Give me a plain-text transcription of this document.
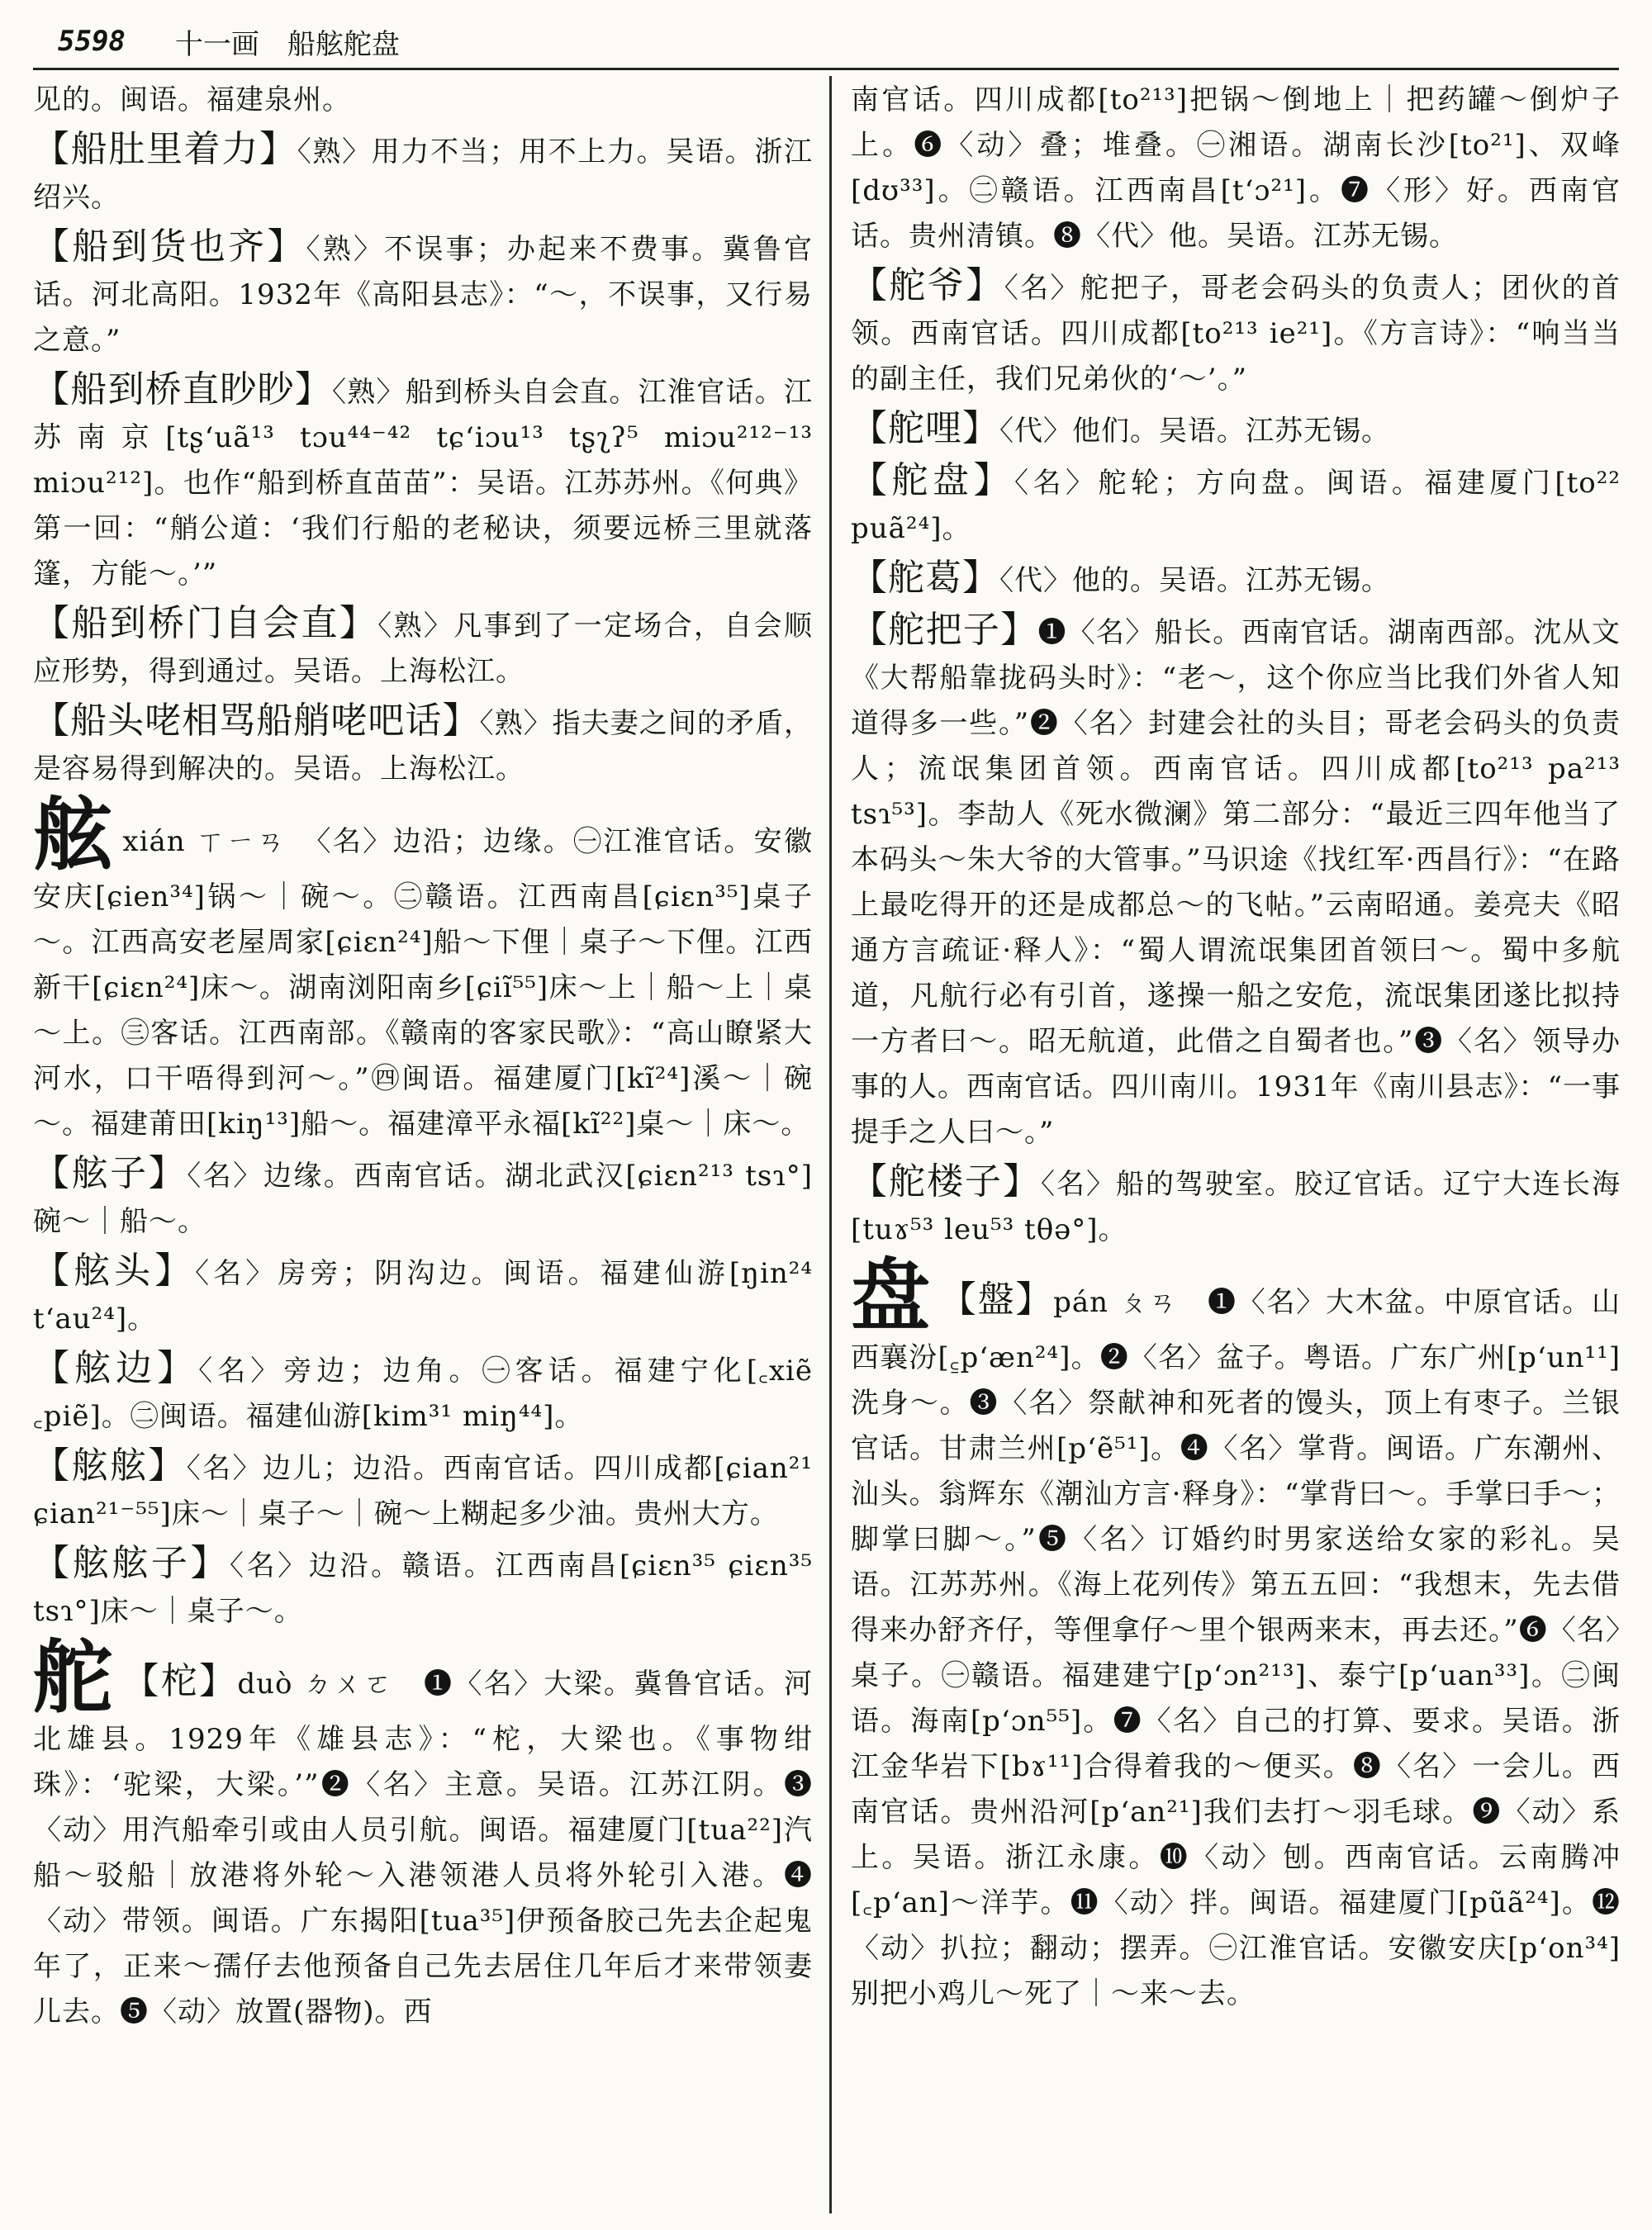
5598 十一画　船舷舵盘

见的。闽语。福建泉州。

【船肚里着力】〈熟〉用力不当；用不上力。吴语。浙江绍兴。

【船到货也齐】〈熟〉不误事；办起来不费事。冀鲁官话。河北高阳。1932年《高阳县志》：“～，不误事，又行易之意。”

【船到桥直眇眇】〈熟〉船到桥头自会直。江淮官话。江苏南京[tʂʻuã¹³ tɔu⁴⁴⁻⁴² tɕʻiɔu¹³ tʂʅʔ⁵ miɔu²¹²⁻¹³ miɔu²¹²]。也作“船到桥直苗苗”：吴语。江苏苏州。《何典》第一回：“艄公道：‘我们行船的老秘诀，须要远桥三里就落篷，方能～。’”

【船到桥门自会直】〈熟〉凡事到了一定场合，自会顺应形势，得到通过。吴语。上海松江。

【船头咾相骂船艄咾吧话】〈熟〉指夫妻之间的矛盾，是容易得到解决的。吴语。上海松江。

舷xián ㄒㄧㄢ　〈名〉边沿；边缘。㊀江淮官话。安徽安庆[ɕien³⁴]锅～｜碗～。㊁赣语。江西南昌[ɕiɛn³⁵]桌子～。江西高安老屋周家[ɕiɛn²⁴]船～下俚｜桌子～下俚。江西新干[ɕiɛn²⁴]床～。湖南浏阳南乡[ɕiĩ⁵⁵]床～上｜船～上｜桌～上。㊂客话。江西南部。《赣南的客家民歌》：“高山瞭紧大河水，口干唔得到河～。”㊃闽语。福建厦门[kĩ²⁴]溪～｜碗～。福建莆田[kiŋ¹³]船～。福建漳平永福[kĩ²²]桌～｜床～。

【舷子】〈名〉边缘。西南官话。湖北武汉[ɕiɛn²¹³ tsɿ°]碗～｜船～。

【舷头】〈名〉房旁；阴沟边。闽语。福建仙游[ŋin²⁴ tʻau²⁴]。

【舷边】〈名〉旁边；边角。㊀客话。福建宁化[꜀xiẽ ꜀piẽ]。㊁闽语。福建仙游[kim³¹ miŋ⁴⁴]。

【舷舷】〈名〉边儿；边沿。西南官话。四川成都[ɕian²¹ ɕian²¹⁻⁵⁵]床～｜桌子～｜碗～上糊起多少油。贵州大方。

【舷舷子】〈名〉边沿。赣语。江西南昌[ɕiɛn³⁵ ɕiɛn³⁵ tsɿ°]床～｜桌子～。

舵 【柁】duò ㄉㄨㄛ　❶〈名〉大梁。冀鲁官话。河北雄县。1929年《雄县志》：“柁，大梁也。《事物绀珠》：‘驼梁，大梁。’”❷〈名〉主意。吴语。江苏江阴。❸〈动〉用汽船牵引或由人员引航。闽语。福建厦门[tua²²]汽船～驳船｜放港将外轮～入港领港人员将外轮引入港。❹〈动〉带领。闽语。广东揭阳[tua³⁵]伊预备胶己先去企起鬼年了，正来～孺仔去他预备自己先去居住几年后才来带领妻儿去。❺〈动〉放置(器物)。西

南官话。四川成都[to²¹³]把锅～倒地上｜把药罐～倒炉子上。❻〈动〉叠；堆叠。㊀湘语。湖南长沙[to²¹]、双峰[dʊ³³]。㊁赣语。江西南昌[tʻɔ²¹]。❼〈形〉好。西南官话。贵州清镇。❽〈代〉他。吴语。江苏无锡。

【舵爷】〈名〉舵把子，哥老会码头的负责人；团伙的首领。西南官话。四川成都[to²¹³ ie²¹]。《方言诗》：“响当当的副主任，我们兄弟伙的‘～’。”

【舵哩】〈代〉他们。吴语。江苏无锡。

【舵盘】〈名〉舵轮；方向盘。闽语。福建厦门[to²² puã²⁴]。

【舵葛】〈代〉他的。吴语。江苏无锡。

【舵把子】❶〈名〉船长。西南官话。湖南西部。沈从文《大帮船靠拢码头时》：“老～，这个你应当比我们外省人知道得多一些。”❷〈名〉封建会社的头目；哥老会码头的负责人；流氓集团首领。西南官话。四川成都[to²¹³ pa²¹³ tsɿ⁵³]。李劼人《死水微澜》第二部分：“最近三四年他当了本码头～朱大爷的大管事。”马识途《找红军·西昌行》：“在路上最吃得开的还是成都总～的飞帖。”云南昭通。姜亮夫《昭通方言疏证·释人》：“蜀人谓流氓集团首领曰～。蜀中多航道，凡航行必有引首，遂操一船之安危，流氓集团遂比拟持一方者曰～。昭无航道，此借之自蜀者也。”❸〈名〉领导办事的人。西南官话。四川南川。1931年《南川县志》：“一事提手之人曰～。”

【舵楼子】〈名〉船的驾驶室。胶辽官话。辽宁大连长海[tuɤ⁵³ leu⁵³ tθə°]。

盘 【盤】pán ㄆㄢ　❶〈名〉大木盆。中原官话。山西襄汾[꜁pʻæn²⁴]。❷〈名〉盆子。粤语。广东广州[pʻun¹¹]洗身～。❸〈名〉祭献神和死者的馒头，顶上有枣子。兰银官话。甘肃兰州[pʻẽ⁵¹]。❹〈名〉掌背。闽语。广东潮州、汕头。翁辉东《潮汕方言·释身》：“掌背曰～。手掌曰手～；脚掌曰脚～。”❺〈名〉订婚约时男家送给女家的彩礼。吴语。江苏苏州。《海上花列传》第五五回：“我想末，先去借得来办舒齐仔，等俚拿仔～里个银两来末，再去还。”❻〈名〉桌子。㊀赣语。福建建宁[pʻɔn²¹³]、泰宁[pʻuan³³]。㊁闽语。海南[pʻɔn⁵⁵]。❼〈名〉自己的打算、要求。吴语。浙江金华岩下[bɤ¹¹]合得着我的～便买。❽〈名〉一会儿。西南官话。贵州沿河[pʻan²¹]我们去打～羽毛球。❾〈动〉系上。吴语。浙江永康。❿〈动〉刨。西南官话。云南腾冲[꜀pʻan]～洋芋。⓫〈动〉拌。闽语。福建厦门[pũã²⁴]。⓬〈动〉扒拉；翻动；摆弄。㊀江淮官话。安徽安庆[pʻon³⁴]别把小鸡儿～死了｜～来～去。
